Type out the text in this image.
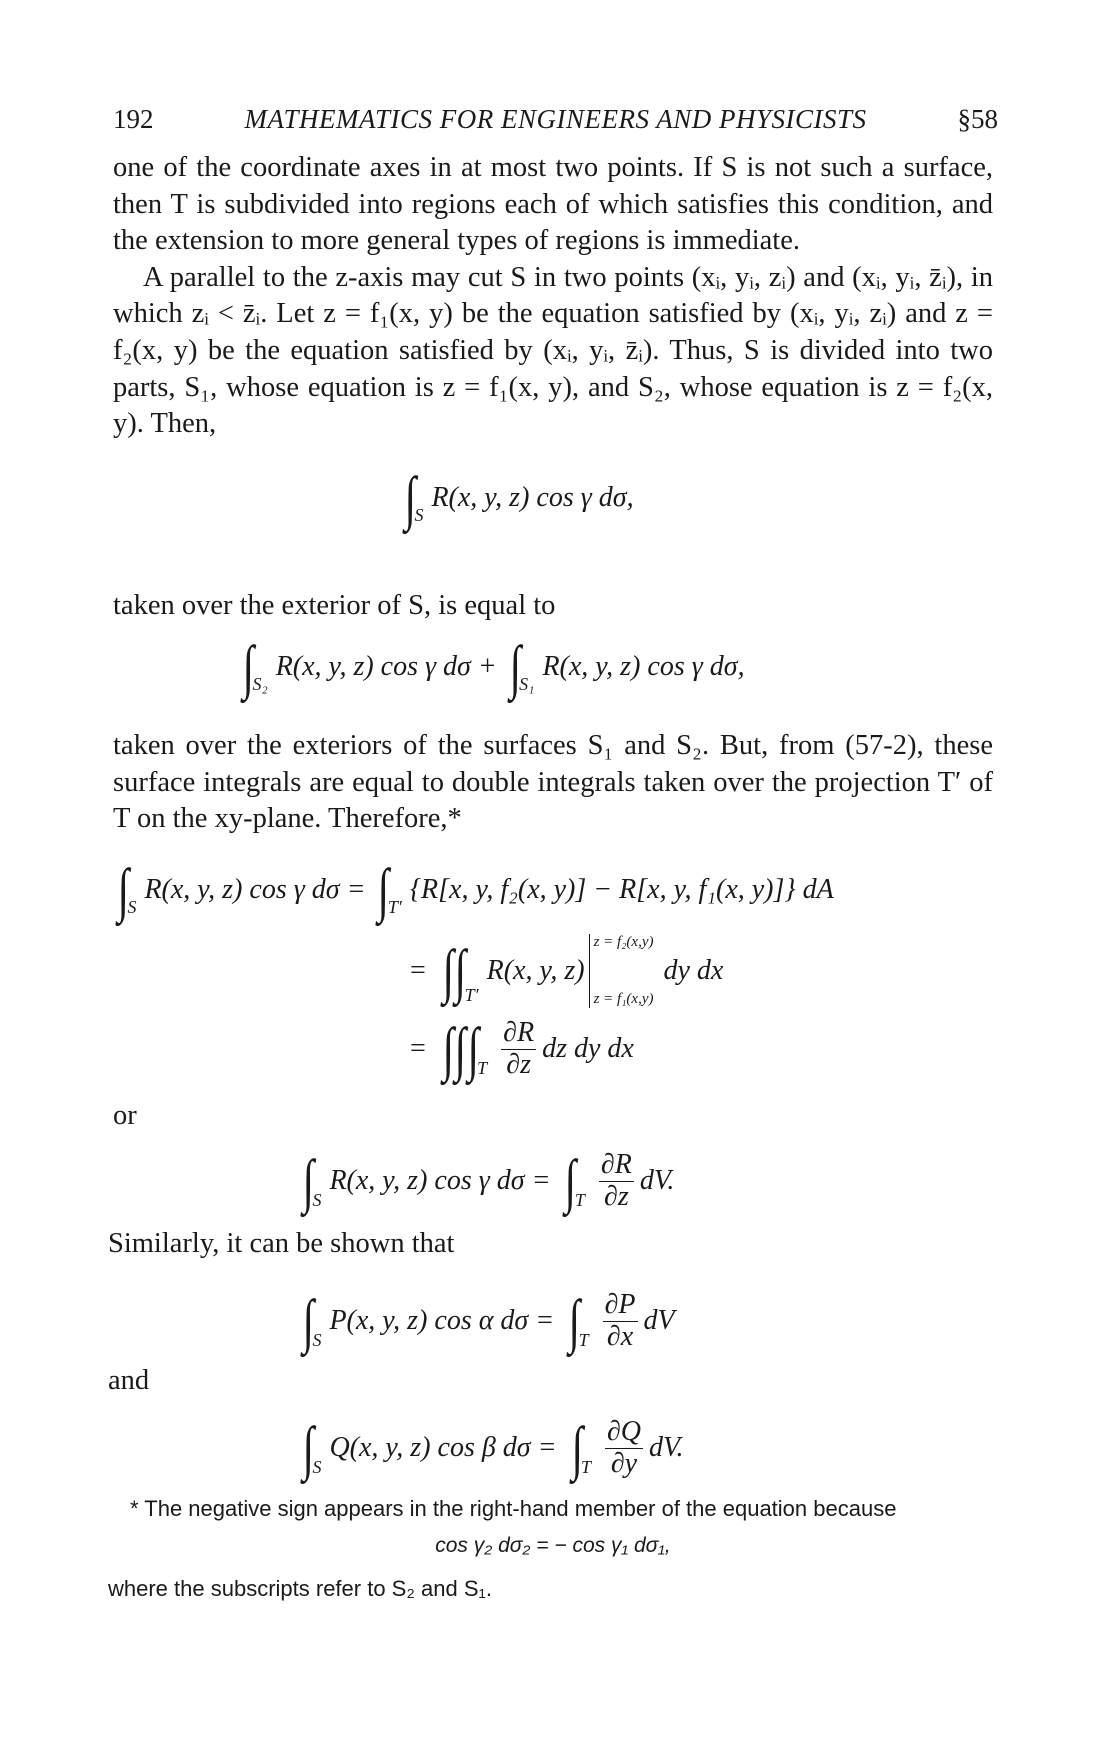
192	MATHEMATICS FOR ENGINEERS AND PHYSICISTS	§58

one of the coordinate axes in at most two points. If S is not such a surface, then T is subdivided into regions each of which satisfies this condition, and the extension to more general types of regions is immediate.

A parallel to the z-axis may cut S in two points (xᵢ, yᵢ, zᵢ) and (xᵢ, yᵢ, z̄ᵢ), in which zᵢ < z̄ᵢ. Let z = f₁(x, y) be the equation satisfied by (xᵢ, yᵢ, zᵢ) and z = f₂(x, y) be the equation satisfied by (xᵢ, yᵢ, z̄ᵢ). Thus, S is divided into two parts, S₁, whose equation is z = f₁(x, y), and S₂, whose equation is z = f₂(x, y). Then,

∫
S
R(x, y, z) cos γ dσ,

taken over the exterior of S, is equal to

∫
S₂
R(x, y, z) cos γ dσ + ∫
S₁
R(x, y, z) cos γ dσ,

taken over the exteriors of the surfaces S₁ and S₂. But, from (57-2), these surface integrals are equal to double integrals taken over the projection T′ of T on the xy-plane. Therefore,*

∫
S
R(x, y, z) cos γ dσ = ∫
T′
{R[x, y, f₂(x, y)] − R[x, y, f₁(x, y)]} dA
= ∫ ∫
T′
R(x, y, z)
z = f₂(x,y)
z = f₁(x,y)
dy dx
= ∫ ∫ ∫
T $\frac{\partial R}{\partial z}$ dz dy dx
or
∫
S
R(x, y, z) cos γ dσ = ∫
T $\frac{\partial R}{\partial z}$ dV.
Similarly, it can be shown that
∫
S
P(x, y, z) cos α dσ = ∫
T $\frac{\partial P}{\partial x}$ dV
and
∫
S
Q(x, y, z) cos β dσ = ∫
T $\frac{\partial Q}{\partial y}$ dV.

* The negative sign appears in the right-hand member of the equation because

cos γ₂ dσ₂ = − cos γ₁ dσ₁,

where the subscripts refer to S₂ and S₁.
